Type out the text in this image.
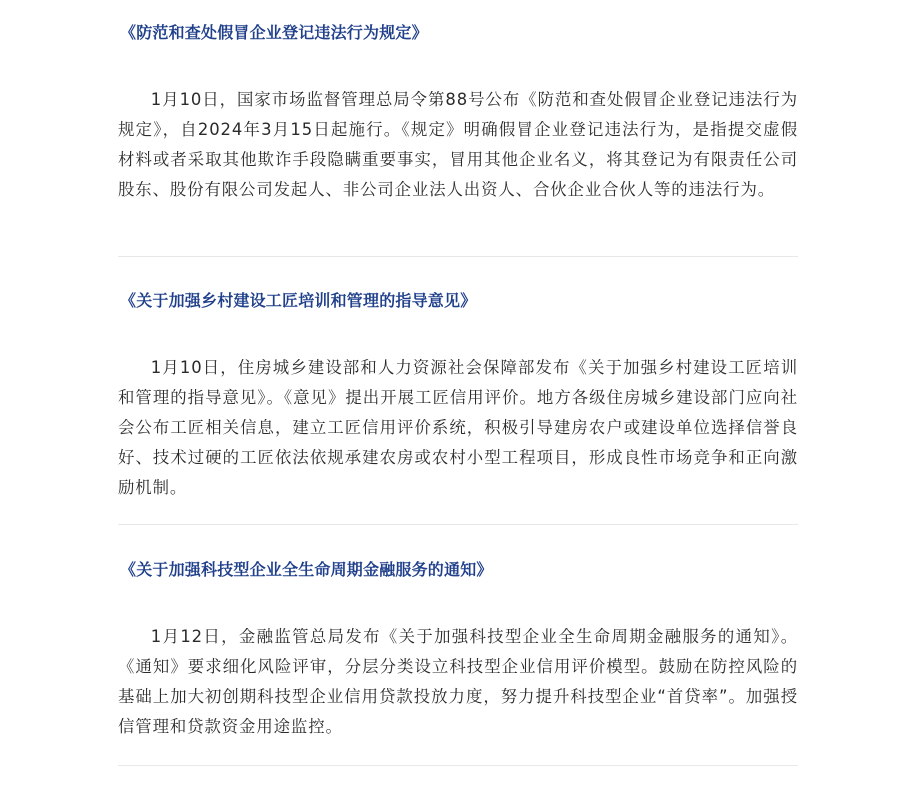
《防范和查处假冒企业登记违法行为规定》

1月10日，国家市场监督管理总局令第88号公布《防范和查处假冒企业登记违法行为规定》，自2024年3月15日起施行。《规定》明确假冒企业登记违法行为，是指提交虚假材料或者采取其他欺诈手段隐瞒重要事实，冒用其他企业名义，将其登记为有限责任公司股东、股份有限公司发起人、非公司企业法人出资人、合伙企业合伙人等的违法行为。

《关于加强乡村建设工匠培训和管理的指导意见》

1月10日，住房城乡建设部和人力资源社会保障部发布《关于加强乡村建设工匠培训和管理的指导意见》。《意见》提出开展工匠信用评价。地方各级住房城乡建设部门应向社会公布工匠相关信息，建立工匠信用评价系统，积极引导建房农户或建设单位选择信誉良好、技术过硬的工匠依法依规承建农房或农村小型工程项目，形成良性市场竞争和正向激励机制。

《关于加强科技型企业全生命周期金融服务的通知》

1月12日，金融监管总局发布《关于加强科技型企业全生命周期金融服务的通知》。《通知》要求细化风险评审，分层分类设立科技型企业信用评价模型。鼓励在防控风险的基础上加大初创期科技型企业信用贷款投放力度，努力提升科技型企业“首贷率”。加强授信管理和贷款资金用途监控。
